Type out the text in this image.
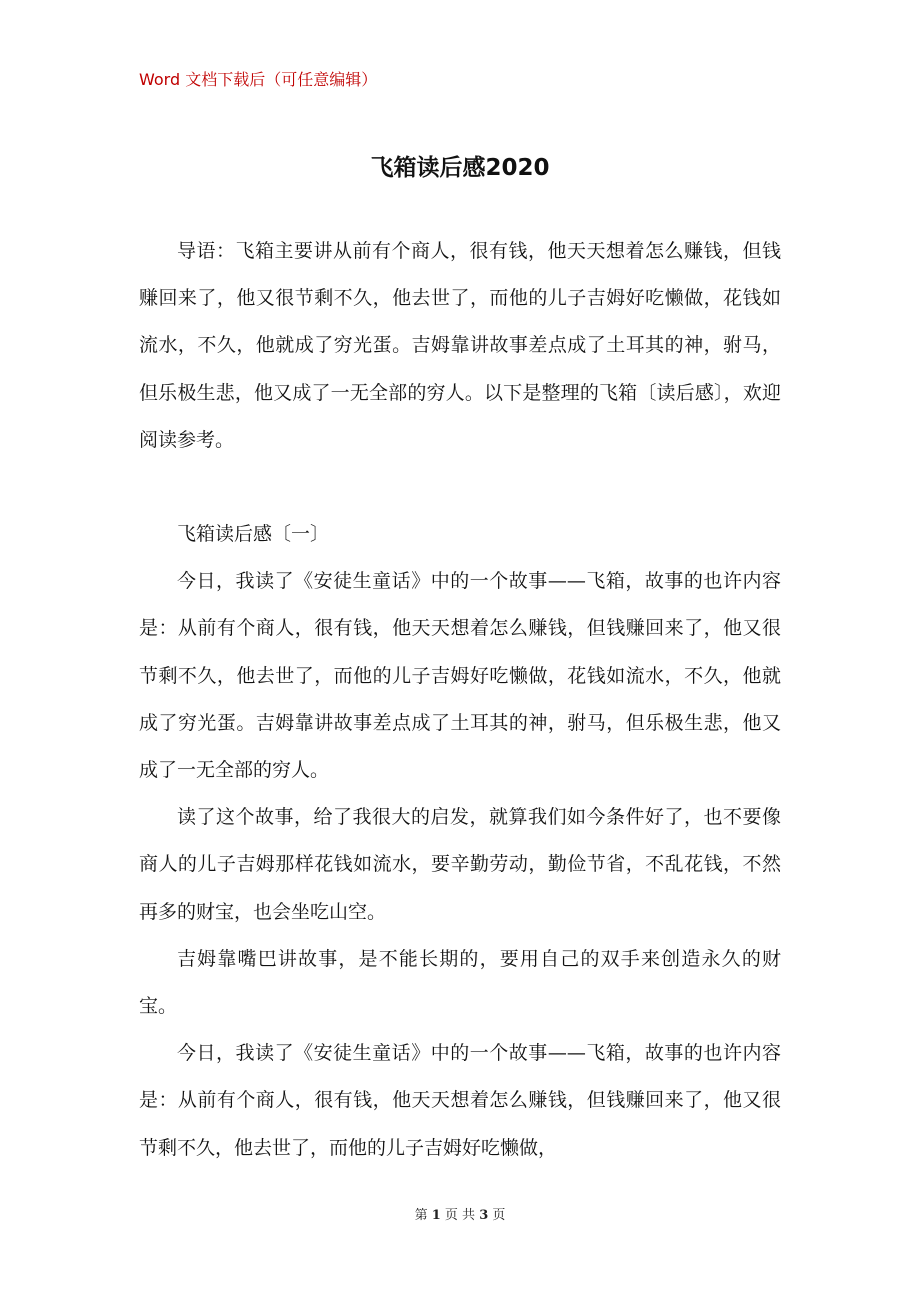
Word 文档下载后（可任意编辑）
飞箱读后感2020

导语：飞箱主要讲从前有个商人，很有钱，他天天想着怎么赚钱，但钱赚回来了，他又很节剩不久，他去世了，而他的儿子吉姆好吃懒做，花钱如流水，不久，他就成了穷光蛋。吉姆靠讲故事差点成了土耳其的神，驸马，但乐极生悲，他又成了一无全部的穷人。以下是整理的飞箱〔读后感〕，欢迎阅读参考。

飞箱读后感〔一〕

今日，我读了《安徒生童话》中的一个故事——飞箱，故事的也许内容是：从前有个商人，很有钱，他天天想着怎么赚钱，但钱赚回来了，他又很节剩不久，他去世了，而他的儿子吉姆好吃懒做，花钱如流水，不久，他就成了穷光蛋。吉姆靠讲故事差点成了土耳其的神，驸马，但乐极生悲，他又成了一无全部的穷人。

读了这个故事，给了我很大的启发，就算我们如今条件好了，也不要像商人的儿子吉姆那样花钱如流水，要辛勤劳动，勤俭节省，不乱花钱，不然再多的财宝，也会坐吃山空。

吉姆靠嘴巴讲故事，是不能长期的，要用自己的双手来创造永久的财宝。

今日，我读了《安徒生童话》中的一个故事——飞箱，故事的也许内容是：从前有个商人，很有钱，他天天想着怎么赚钱，但钱赚回来了，他又很节剩不久，他去世了，而他的儿子吉姆好吃懒做，

第 1 页 共 3 页
